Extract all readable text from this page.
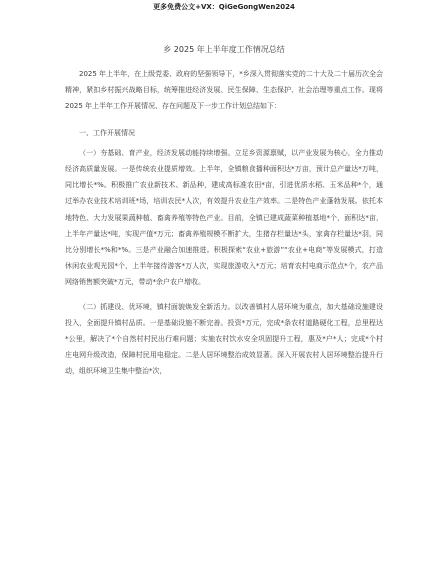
更多免费公文+VX：QiGeGongWen2024
乡 2025 年上半年度工作情况总结

2025 年上半年，在上级党委、政府的坚强领导下，*乡深入贯彻落实党的二十大及二十届历次全会精神，紧扣乡村振兴战略目标，统筹推进经济发展、民生保障、生态保护、社会治理等重点工作。现将 2025 年上半年工作开展情况、存在问题及下一步工作计划总结如下：

一、工作开展情况

（一）夯基础、育产业，经济发展动能持续增强。立足乡资源禀赋，以产业发展为核心，全力推动经济高质量发展。一是传统农业提质增效。上半年，全镇粮食播种面积达*万亩，预计总产量达*万吨，同比增长*%。积极推广农业新技术、新品种，建成高标准农田*亩，引进优质水稻、玉米品种*个，通过举办农业技术培训班*场，培训农民*人次，有效提升农业生产效率。二是特色产业蓬勃发展。依托本地特色、大力发展果蔬种植、畜禽养殖等特色产业。目前，全镇已建成蔬菜种植基地*个，面积达*亩，上半年产量达*吨，实现产值*万元；畜禽养殖规模不断扩大，生猪存栏量达*头，家禽存栏量达*羽，同比分别增长*%和*%。三是产业融合加速推进。积极探索“农业+旅游”“农业+电商”等发展模式，打造休闲农业观光园*个，上半年接待游客*万人次，实现旅游收入*万元；培育农村电商示范点*个，农产品网络销售额突破*万元，带动*余户农户增收。

（二）抓建设、优环境，镇村面貌焕发全新活力。以改善镇村人居环境为重点，加大基础设施建设投入，全面提升镇村品质。一是基础设施不断完善。投资*万元，完成*条农村道路硬化工程，总里程达*公里，解决了*个自然村村民出行难问题；实施农村饮水安全巩固提升工程，惠及*户*人；完成*个村庄电网升级改造，保障村民用电稳定。二是人居环境整治成效显著。深入开展农村人居环境整治提升行动，组织环境卫生集中整治*次，
